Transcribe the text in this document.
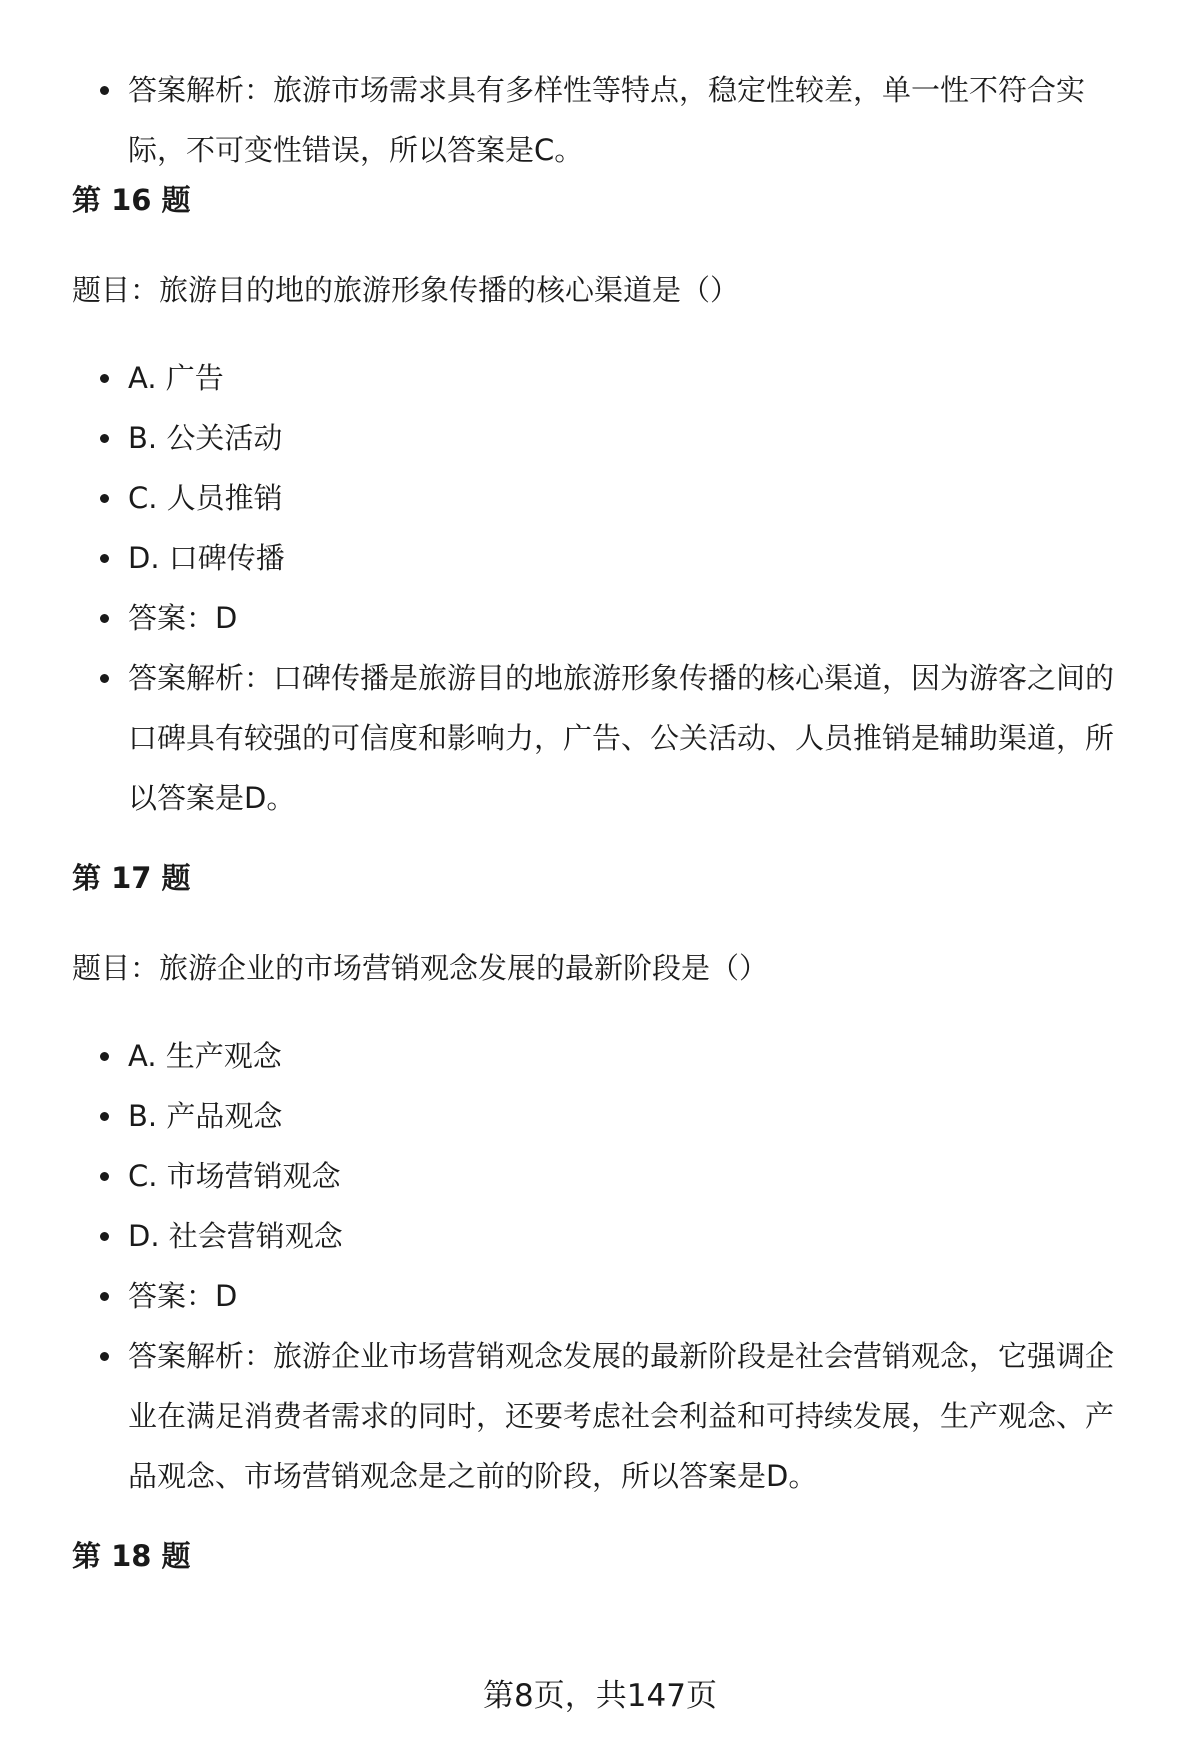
答案解析：旅游市场需求具有多样性等特点，稳定性较差，单一性不符合实际，不可变性错误，所以答案是C。
第 16 题
题目：旅游目的地的旅游形象传播的核心渠道是（）
A. 广告
B. 公关活动
C. 人员推销
D. 口碑传播
答案：D
答案解析：口碑传播是旅游目的地旅游形象传播的核心渠道，因为游客之间的口碑具有较强的可信度和影响力，广告、公关活动、人员推销是辅助渠道，所以答案是D。
第 17 题
题目：旅游企业的市场营销观念发展的最新阶段是（）
A. 生产观念
B. 产品观念
C. 市场营销观念
D. 社会营销观念
答案：D
答案解析：旅游企业市场营销观念发展的最新阶段是社会营销观念，它强调企业在满足消费者需求的同时，还要考虑社会利益和可持续发展，生产观念、产品观念、市场营销观念是之前的阶段，所以答案是D。
第 18 题
第8页，共147页
